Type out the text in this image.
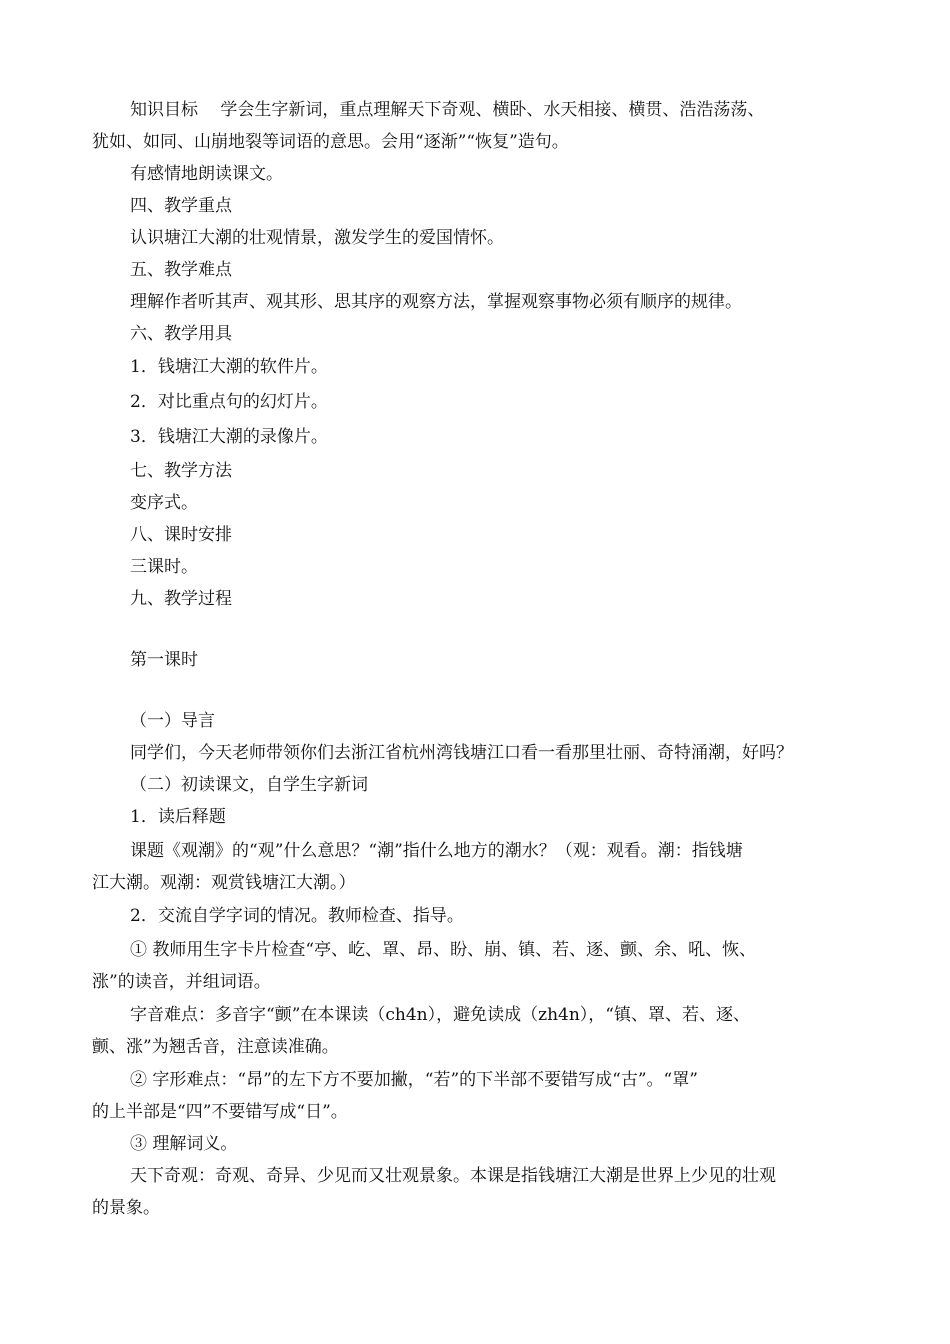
知识目标　 学会生字新词，重点理解天下奇观、横卧、水天相接、横贯、浩浩荡荡、

犹如、如同、山崩地裂等词语的意思。会用“逐渐”“恢复”造句。

有感情地朗读课文。

四、教学重点

认识塘江大潮的壮观情景，激发学生的爱国情怀。

五、教学难点

理解作者听其声、观其形、思其序的观察方法，掌握观察事物必须有顺序的规律。

六、教学用具

1．钱塘江大潮的软件片。

2．对比重点句的幻灯片。

3．钱塘江大潮的录像片。

七、教学方法

变序式。

八、课时安排

三课时。

九、教学过程

第一课时

（一）导言

同学们，今天老师带领你们去浙江省杭州湾钱塘江口看一看那里壮丽、奇特涌潮，好吗？

（二）初读课文，自学生字新词

1．读后释题

课题《观潮》的“观”什么意思？“潮”指什么地方的潮水？（观：观看。潮：指钱塘

江大潮。观潮：观赏钱塘江大潮。）

2．交流自学字词的情况。教师检查、指导。

① 教师用生字卡片检查“亭、屹、罩、昂、盼、崩、镇、若、逐、颤、余、吼、恢、

涨”的读音，并组词语。

字音难点：多音字“颤”在本课读（ch4n），避免读成（zh4n），“镇、罩、若、逐、

颤、涨”为翘舌音，注意读准确。

② 字形难点：“昂”的左下方不要加撇，“若”的下半部不要错写成“古”。“罩”

的上半部是“四”不要错写成“日”。

③ 理解词义。

天下奇观：奇观、奇异、少见而又壮观景象。本课是指钱塘江大潮是世界上少见的壮观

的景象。
